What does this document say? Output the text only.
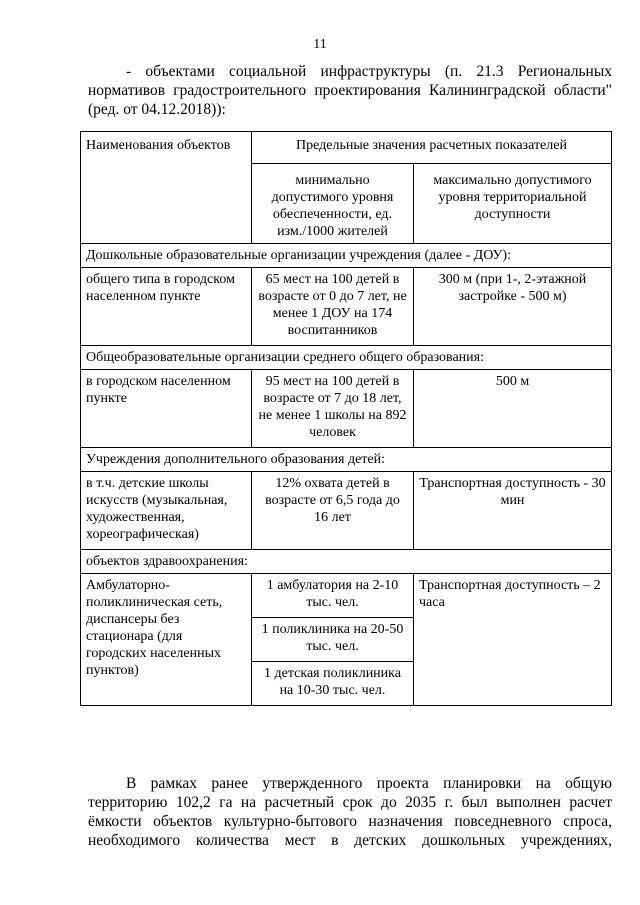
11
- объектами социальной инфраструктуры (п. 21.3 Региональных
нормативов градостроительного проектирования Калининградской области"
(ред. от 04.12.2018)):
Наименования объектов	Предельные значения расчетных показателей	
	минимально допустимого уровня обеспеченности, ед. изм./1000 жителей	максимально допустимого уровня территориальной доступности
Дошкольные образовательные организации учреждения (далее - ДОУ):		
общего типа в городском населенном пункте	65 мест на 100 детей в возрасте от 0 до 7 лет, не менее 1 ДОУ на 174 воспитанников	300 м (при 1-, 2-этажной застройке - 500 м)
Общеобразовательные организации среднего общего образования:		
в городском населенном пункте	95 мест на 100 детей в возрасте от 7 до 18 лет, не менее 1 школы на 892 человек	500 м
Учреждения дополнительного образования детей:		
в т.ч. детские школы искусств (музыкальная, художественная, хореографическая)	12% охвата детей в возрасте от 6,5 года до 16 лет	Транспортная доступность - 30 мин
объектов здравоохранения:		
Амбулаторно-поликлиническая сеть, диспансеры без стационара (для городских населенных пунктов)	1 амбулатория на 2-10 тыс. чел.	Транспортная доступность – 2 часа
	1 поликлиника на 20-50 тыс. чел.	
	1 детская поликлиника на 10-30 тыс. чел.	
В рамках ранее утвержденного проекта планировки на общую
территорию 102,2 га на расчетный срок до 2035 г. был выполнен расчет
ёмкости объектов культурно-бытового назначения повседневного спроса,
необходимого количества мест в детских дошкольных учреждениях,
